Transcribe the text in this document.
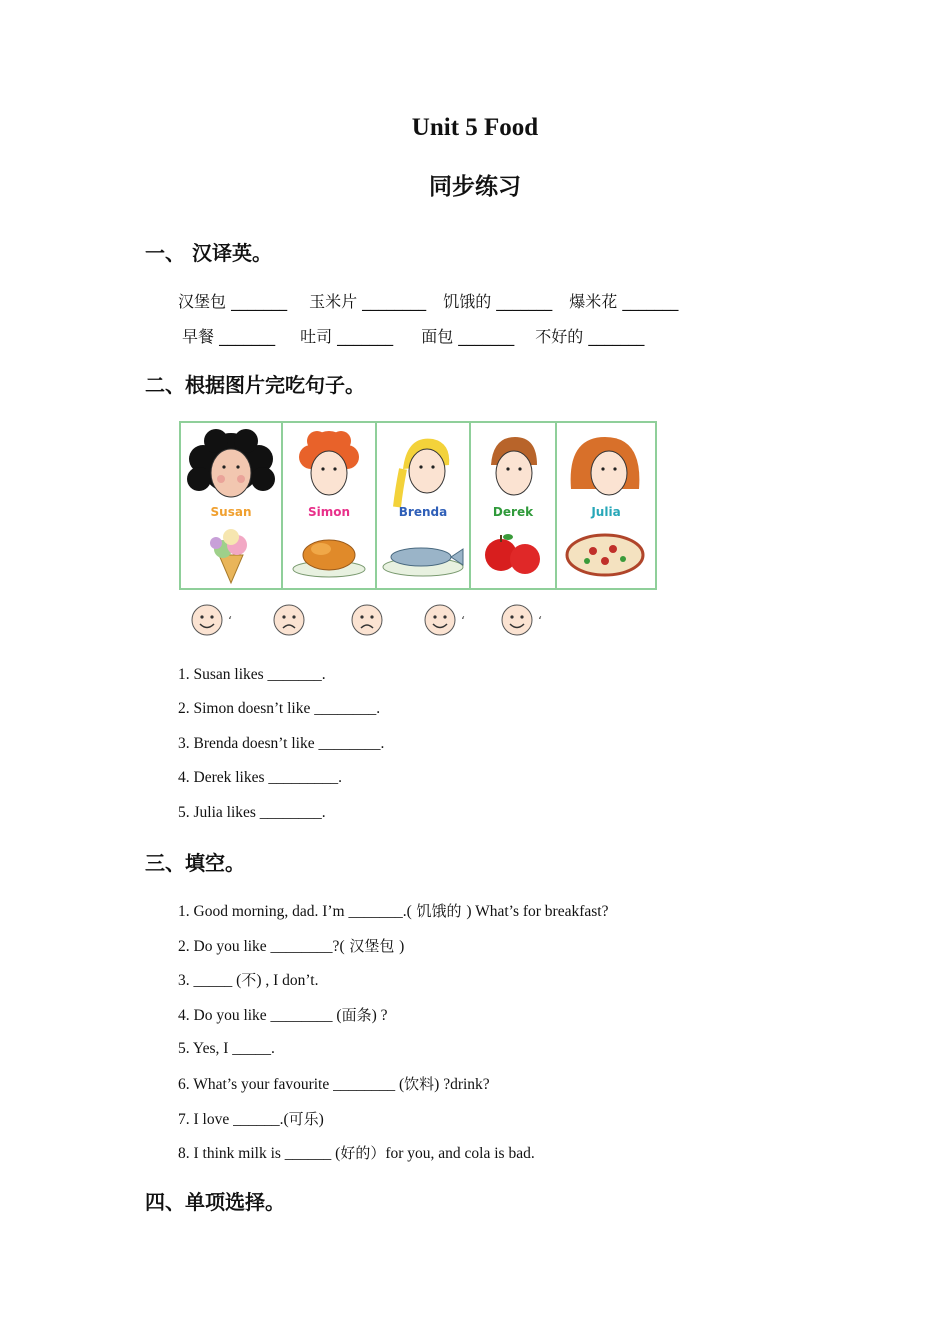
Unit 5 Food
同步练习
一、 汉译英。
汉堡包 _______ 玉米片 ________ 饥饿的 _______ 爆米花 _______
早餐 _______ 吐司 _______ 面包 _______ 不好的 _______
二、根据图片完吃句子。
Susan	Simon	Brenda	Derek	Julia
‘	‘	‘
1. Susan likes _______.
2. Simon doesn’t like ________.
3. Brenda doesn’t like ________.
4. Derek likes _________.
5. Julia likes ________.
三、填空。
1. Good morning, dad. I’m _______.( 饥饿的 ) What’s for breakfast?
2. Do you like ________?( 汉堡包 )
3. _____ (不) , I don’t.
4. Do you like ________ (面条) ?
5. Yes, I _____.
6. What’s your favourite ________ (饮料) ?drink?
7. I love ______.(可乐)
8. I think milk is ______ (好的）for you, and cola is bad.
四、单项选择。
